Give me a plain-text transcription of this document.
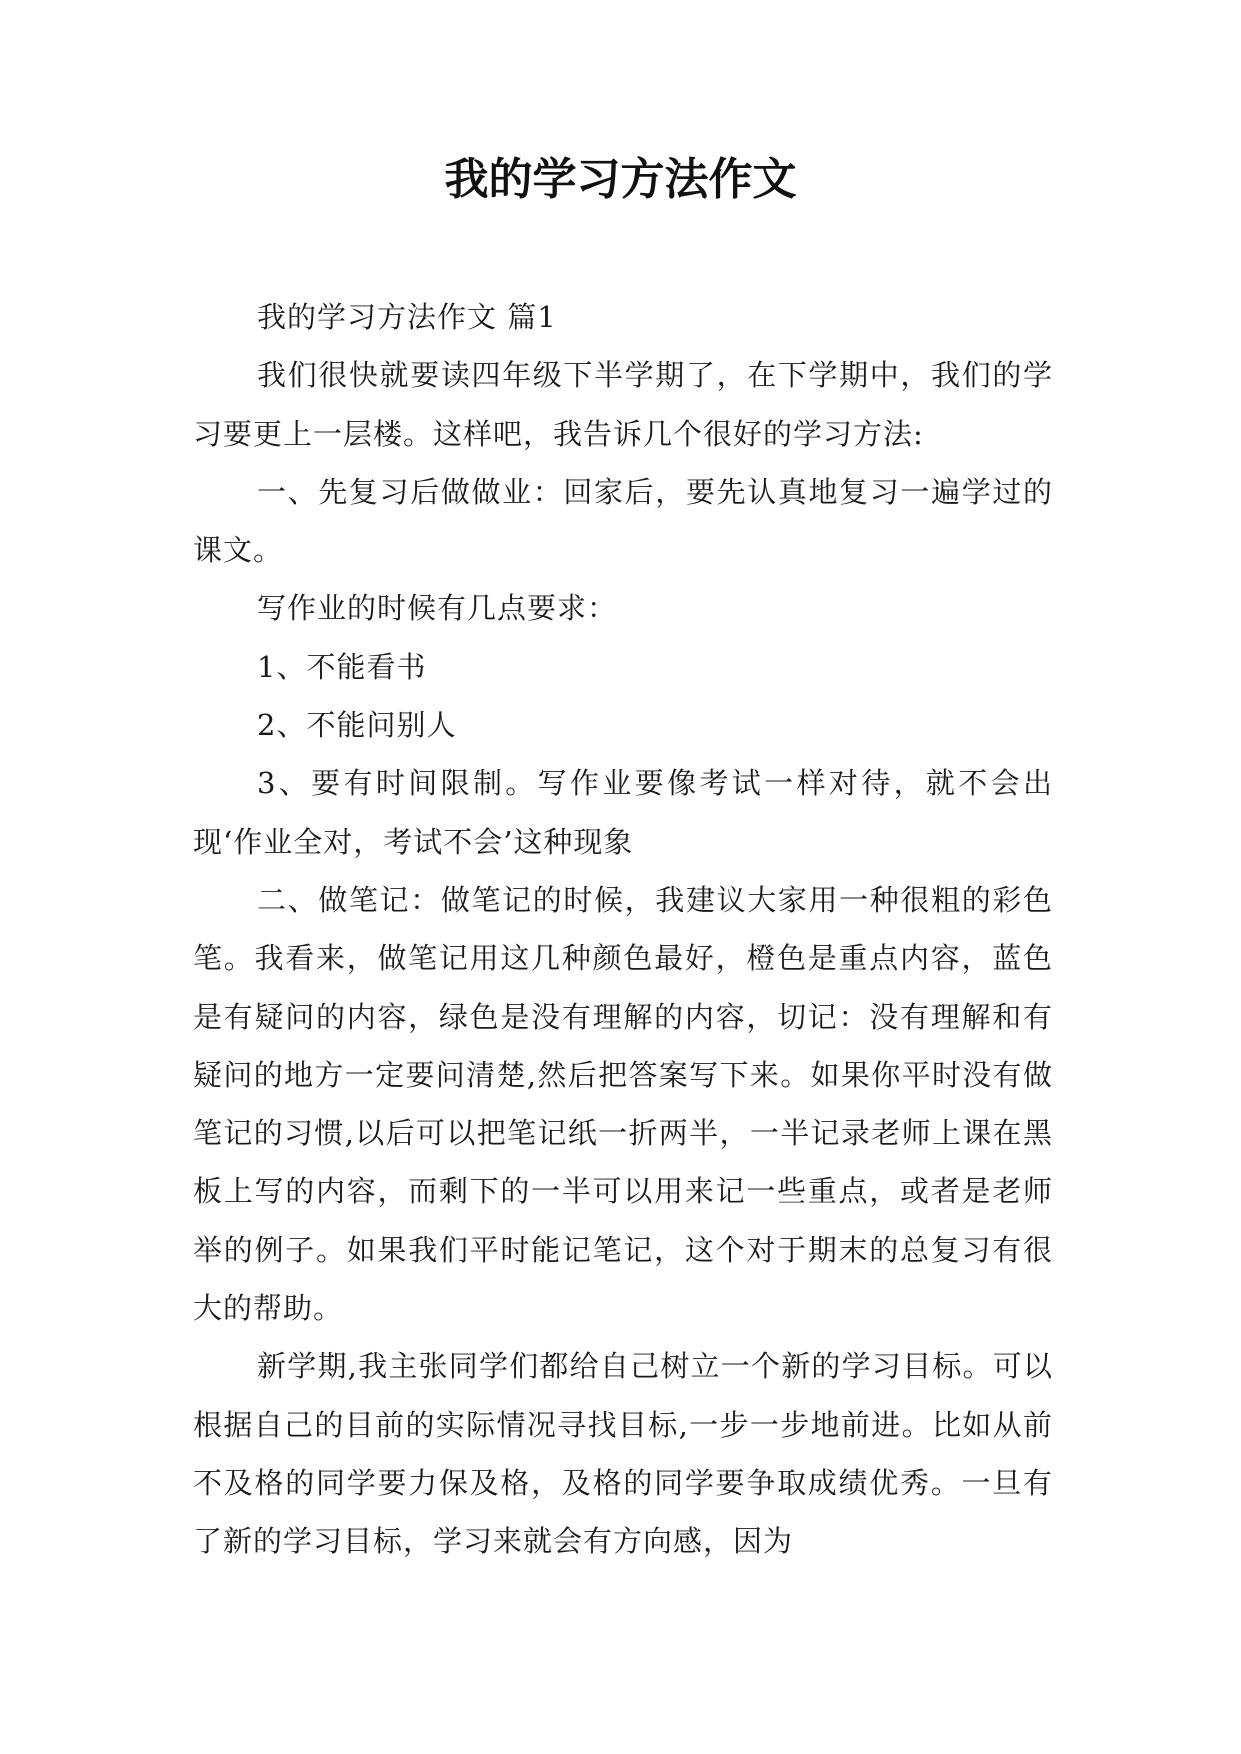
我的学习方法作文

我的学习方法作文 篇1

我们很快就要读四年级下半学期了，在下学期中，我们的学习要更上一层楼。这样吧，我告诉几个很好的学习方法:

一、先复习后做做业：回家后，要先认真地复习一遍学过的课文。

写作业的时候有几点要求：

1、不能看书

2、不能问别人

3、要有时间限制。写作业要像考试一样对待，就不会出现‘作业全对，考试不会’这种现象

二、做笔记：做笔记的时候，我建议大家用一种很粗的彩色笔。我看来，做笔记用这几种颜色最好，橙色是重点内容，蓝色是有疑问的内容，绿色是没有理解的内容，切记：没有理解和有疑问的地方一定要问清楚,然后把答案写下来。如果你平时没有做笔记的习惯,以后可以把笔记纸一折两半，一半记录老师上课在黑板上写的内容，而剩下的一半可以用来记一些重点，或者是老师举的例子。如果我们平时能记笔记，这个对于期末的总复习有很大的帮助。

新学期,我主张同学们都给自己树立一个新的学习目标。可以根据自己的目前的实际情况寻找目标,一步一步地前进。比如从前不及格的同学要力保及格，及格的同学要争取成绩优秀。一旦有了新的学习目标，学习来就会有方向感，因为
